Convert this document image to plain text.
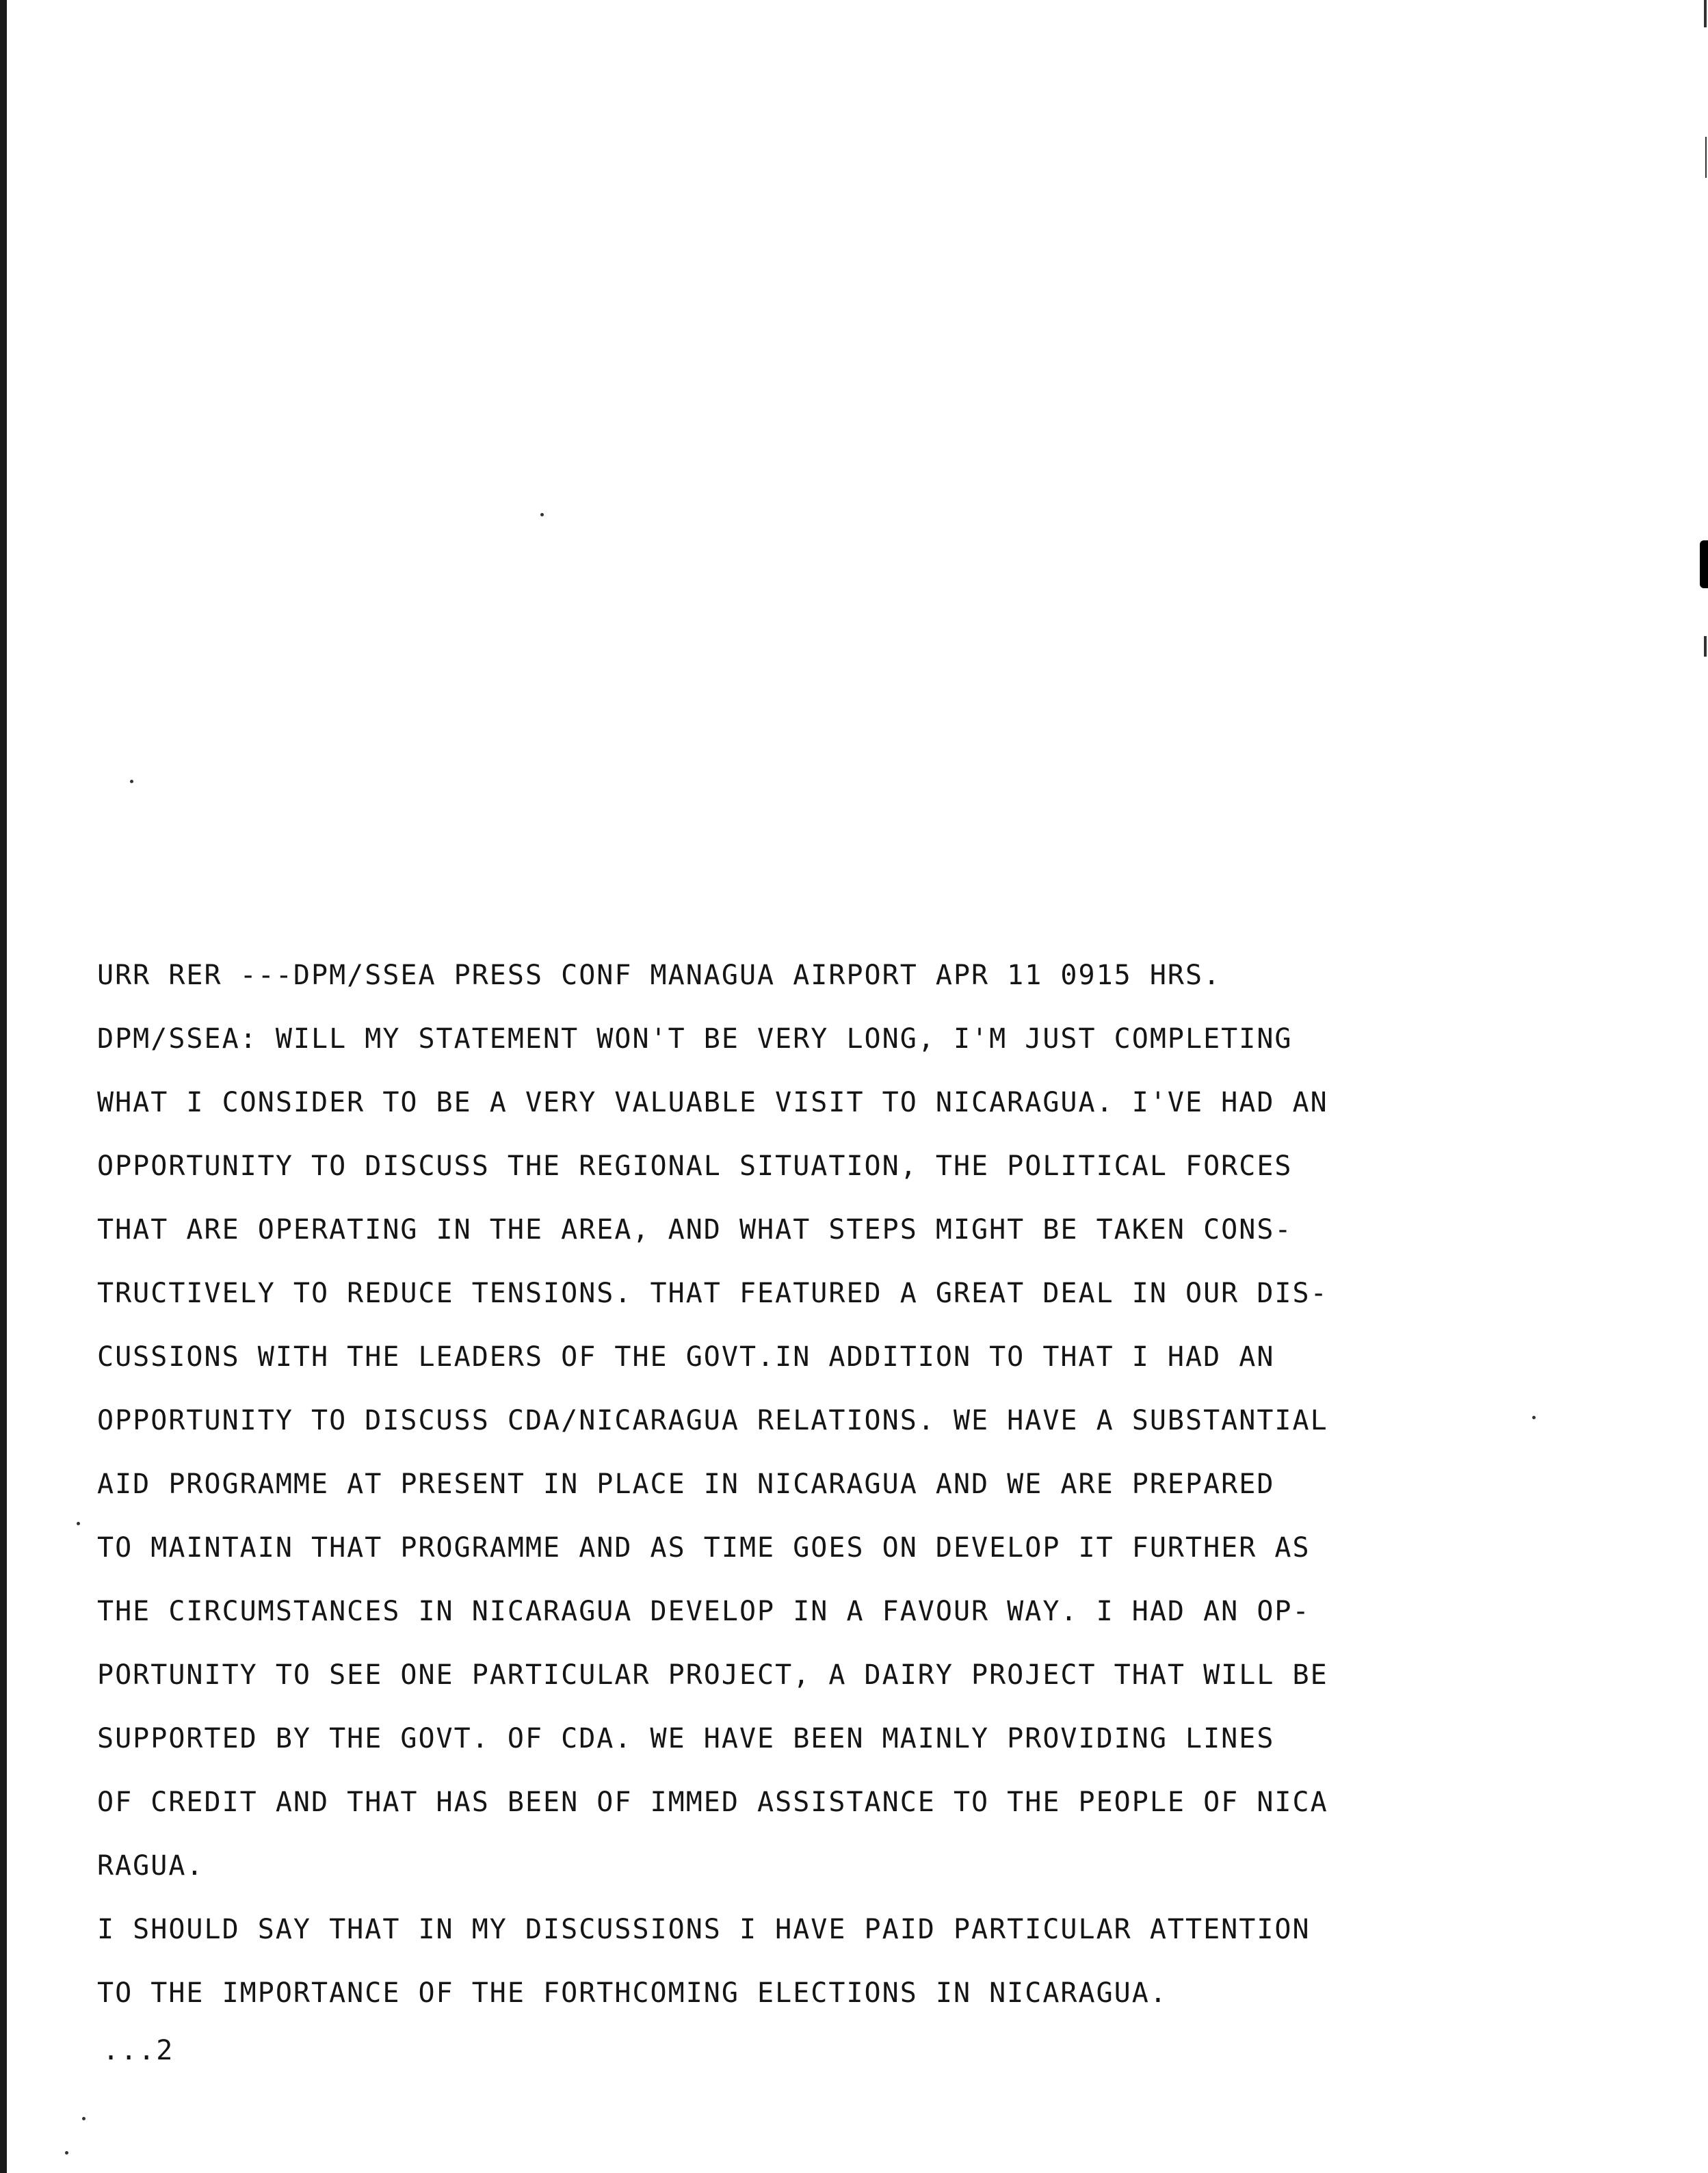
URR RER ---DPM/SSEA PRESS CONF MANAGUA AIRPORT APR 11 0915 HRS.
DPM/SSEA: WILL MY STATEMENT WON'T BE VERY LONG, I'M JUST COMPLETING
WHAT I CONSIDER TO BE A VERY VALUABLE VISIT TO NICARAGUA. I'VE HAD AN
OPPORTUNITY TO DISCUSS THE REGIONAL SITUATION, THE POLITICAL FORCES
THAT ARE OPERATING IN THE AREA, AND WHAT STEPS MIGHT BE TAKEN CONS-
TRUCTIVELY TO REDUCE TENSIONS. THAT FEATURED A GREAT DEAL IN OUR DIS-
CUSSIONS WITH THE LEADERS OF THE GOVT.IN ADDITION TO THAT I HAD AN
OPPORTUNITY TO DISCUSS CDA/NICARAGUA RELATIONS. WE HAVE A SUBSTANTIAL
AID PROGRAMME AT PRESENT IN PLACE IN NICARAGUA AND WE ARE PREPARED
TO MAINTAIN THAT PROGRAMME AND AS TIME GOES ON DEVELOP IT FURTHER AS
THE CIRCUMSTANCES IN NICARAGUA DEVELOP IN A FAVOUR WAY. I HAD AN OP-
PORTUNITY TO SEE ONE PARTICULAR PROJECT, A DAIRY PROJECT THAT WILL BE
SUPPORTED BY THE GOVT. OF CDA. WE HAVE BEEN MAINLY PROVIDING LINES
OF CREDIT AND THAT HAS BEEN OF IMMED ASSISTANCE TO THE PEOPLE OF NICA
RAGUA.
I SHOULD SAY THAT IN MY DISCUSSIONS I HAVE PAID PARTICULAR ATTENTION
TO THE IMPORTANCE OF THE FORTHCOMING ELECTIONS IN NICARAGUA.
...2
